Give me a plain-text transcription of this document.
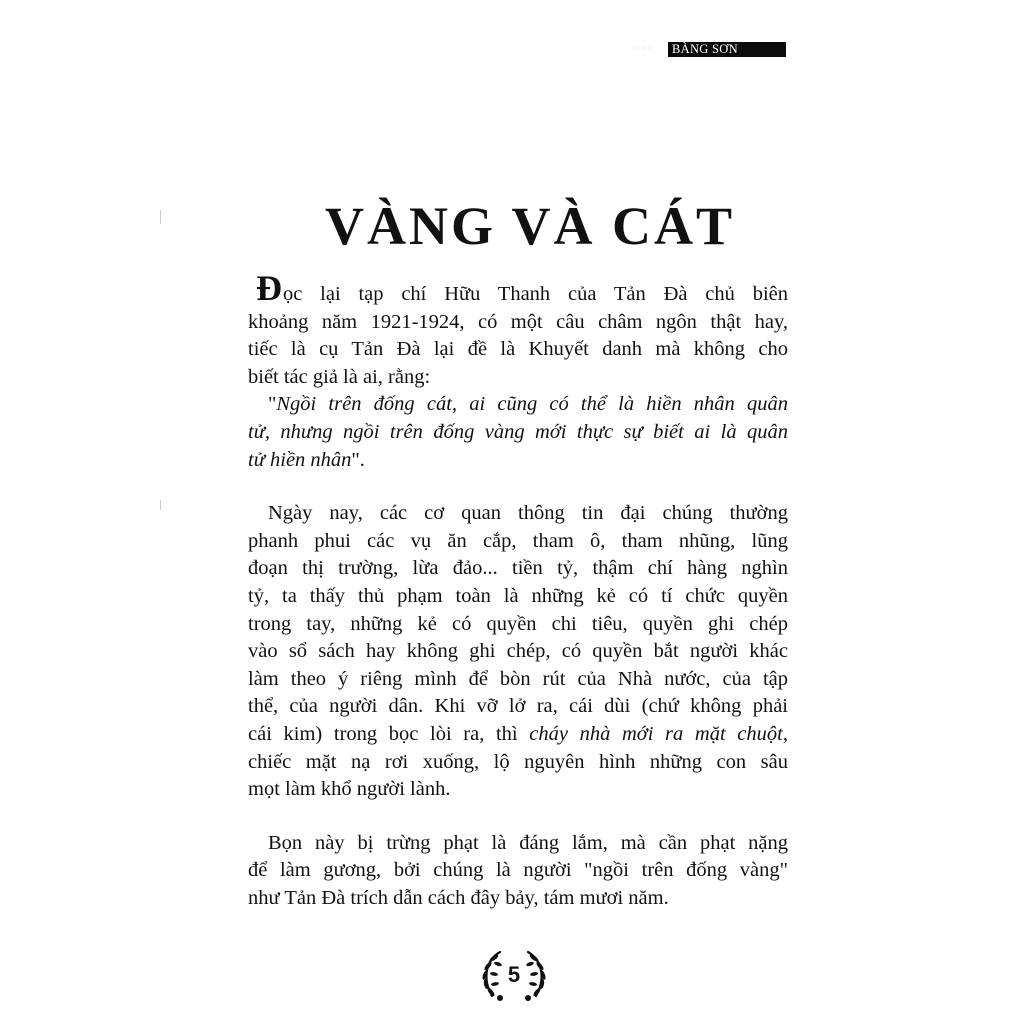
· ·· ·	BÀNG SƠN
VÀNG VÀ CÁT

Đọc lại tạp chí Hữu Thanh của Tản Đà chủ biên
khoảng năm 1921-1924, có một câu châm ngôn thật hay,
tiếc là cụ Tản Đà lại đề là Khuyết danh mà không cho
biết tác giả là ai, rằng:

"Ngồi trên đống cát, ai cũng có thể là hiền nhân quân
tử, nhưng ngồi trên đống vàng mới thực sự biết ai là quân
tử hiền nhân".

Ngày nay, các cơ quan thông tin đại chúng thường
phanh phui các vụ ăn cắp, tham ô, tham nhũng, lũng
đoạn thị trường, lừa đảo... tiền tỷ, thậm chí hàng nghìn
tỷ, ta thấy thủ phạm toàn là những kẻ có tí chức quyền
trong tay, những kẻ có quyền chi tiêu, quyền ghi chép
vào sổ sách hay không ghi chép, có quyền bắt người khác
làm theo ý riêng mình để bòn rút của Nhà nước, của tập
thể, của người dân. Khi vỡ lở ra, cái dùi (chứ không phải
cái kim) trong bọc lòi ra, thì cháy nhà mới ra mặt chuột,
chiếc mặt nạ rơi xuống, lộ nguyên hình những con sâu
mọt làm khổ người lành.

Bọn này bị trừng phạt là đáng lắm, mà cần phạt nặng
để làm gương, bởi chúng là người "ngồi trên đống vàng"
như Tản Đà trích dẫn cách đây bảy, tám mươi năm.

5
